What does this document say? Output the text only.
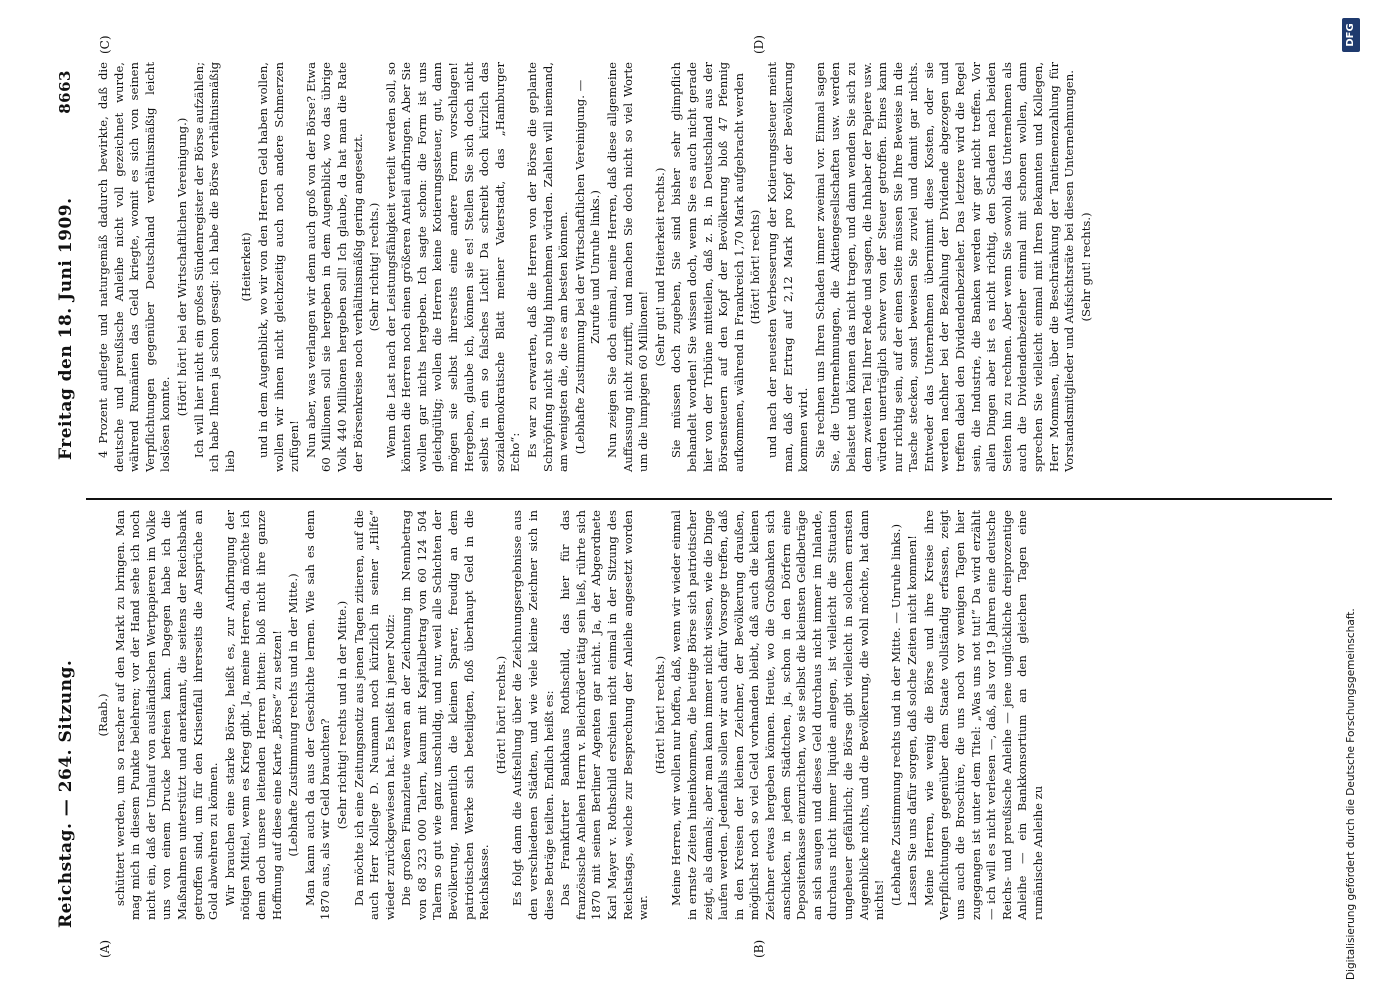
Reichstag. — 264. Sitzung.
Freitag den 18. Juni 1909.
8663
(A)	(B)
(C)	(D)

(Raab.) schüttert werden, um so rascher auf den Markt zu bringen. Man mag mich in diesem Punkte belehren; vor der Hand sehe ich noch nicht ein, daß der Umlauf von ausländischen Wertpapieren im Volke uns von einem Drucke befreien kann. Dagegen habe ich die Maßnahmen unterstützt und anerkannt, die seitens der Reichsbank getroffen sind, um für den Krisenfall ihrerseits die Ansprüche an Gold abwehren zu können. Wir brauchen eine starke Börse, heißt es, zur Aufbringung der nötigen Mittel, wenn es Krieg gibt. Ja, meine Herren, da möchte ich denn doch unsere leitenden Herren bitten: bloß nicht ihre ganze Hoffnung auf diese eine Karte „Börse“ zu setzen! (Lebhafte Zustimmung rechts und in der Mitte.) Man kann auch da aus der Geschichte lernen. Wie sah es denn 1870 aus, als wir Geld brauchten? (Sehr richtig! rechts und in der Mitte.) Da möchte ich eine Zeitungsnotiz aus jenen Tagen zitieren, auf die auch Herr Kollege D. Naumann noch kürzlich in seiner „Hilfe“ wieder zurückgewiesen hat. Es heißt in jener Notiz: Die großen Finanzleute waren an der Zeichnung im Nennbetrag von 68 323 000 Talern, kaum mit Kapitalbetrag von 60 124 504 Talern so gut wie ganz unschuldig, und nur, weil alle Schichten der Bevölkerung, namentlich die kleinen Sparer, freudig an dem patriotischen Werke sich beteiligten, floß überhaupt Geld in die Reichskasse.

(Hört! hört! rechts.) Es folgt dann die Aufstellung über die Zeichnungsergebnisse aus den verschiedenen Städten, und wie viele kleine Zeichner sich in diese Beträge teilten. Endlich heißt es: Das Frankfurter Bankhaus Rothschild, das hier für das französische Anlehen Herrn v. Bleichröder tätig sein ließ, rührte sich 1870 mit seinen Berliner Agenten gar nicht. Ja, der Abgeordnete Karl Mayer v. Rothschild erschien nicht einmal in der Sitzung des Reichstags, welche zur Besprechung der Anleihe angesetzt worden war.

(Hört! hört! rechts.) Meine Herren, wir wollen nur hoffen, daß, wenn wir wieder einmal in ernste Zeiten hineinkommen, die heutige Börse sich patriotischer zeigt, als damals; aber man kann immer nicht wissen, wie die Dinge laufen werden. Jedenfalls sollen wir auch dafür Vorsorge treffen, daß in den Kreisen der kleinen Zeichner, der Bevölkerung draußen, möglichst noch so viel Geld vorhanden bleibt, daß auch die kleinen Zeichner etwas hergeben können. Heute, wo die Großbanken sich anschicken, in jedem Städtchen, ja, schon in den Dörfern eine Depositenkasse einzurichten, wo sie selbst die kleinsten Geldbeträge an sich saugen und dieses Geld durchaus nicht immer im Inlande, durchaus nicht immer liquide anlegen, ist vielleicht die Situation ungeheuer gefährlich; die Börse gibt vielleicht in solchem ernsten Augenblicke nichts, und die Bevölkerung, die wohl möchte, hat dann nichts! (Lebhafte Zustimmung rechts und in der Mitte. — Unruhe links.) Lassen Sie uns dafür sorgen, daß solche Zeiten nicht kommen! Meine Herren, wie wenig die Börse und ihre Kreise ihre Verpflichtungen gegenüber dem Staate vollständig erfassen, zeigt uns auch die Broschüre, die uns noch vor wenigen Tagen hier zugegangen ist unter dem Titel: „Was uns not tut!“ Da wird erzählt — ich will es nicht verlesen —, daß, als vor 19 Jahren eine deutsche Reichs- und preußische Anleihe — jene unglückliche dreiprozentige Anleihe — ein Bankkonsortium an den gleichen Tagen eine rumänische Anleihe zu

4 Prozent auflegte und naturgemäß dadurch bewirkte, daß die deutsche und preußische Anleihe nicht voll gezeichnet wurde, während Rumänien das Geld kriegte, womit es sich von seinen Verpflichtungen gegenüber Deutschland verhältnismäßig leicht loslösen konnte.

(Hört! hört! bei der Wirtschaftlichen Vereinigung.) Ich will hier nicht ein großes Sündenregister der Börse aufzählen; ich habe Ihnen ja schon gesagt: ich habe die Börse verhältnismäßig lieb

(Heiterkeit) und in dem Augenblick, wo wir von den Herren Geld haben wollen, wollen wir ihnen nicht gleichzeitig auch noch andere Schmerzen zufügen! Nun aber, was verlangen wir denn auch groß von der Börse? Etwa 60 Millionen soll sie hergeben in dem Augenblick, wo das übrige Volk 440 Millionen hergeben soll! Ich glaube, da hat man die Rate der Börsenkreise noch verhältnismäßig gering angesetzt. (Sehr richtig! rechts.) Wenn die Last nach der Leistungsfähigkeit verteilt werden soll, so könnten die Herren noch einen größeren Anteil aufbringen. Aber Sie wollen gar nichts hergeben. Ich sagte schon: die Form ist uns gleichgültig; wollen die Herren keine Kotierungssteuer, gut, dann mögen sie selbst ihrerseits eine andere Form vorschlagen! Hergeben, glaube ich, können sie es! Stellen Sie sich doch nicht selbst in ein so falsches Licht! Da schreibt doch kürzlich das sozialdemokratische Blatt meiner Vaterstadt, das „Hamburger Echo“: Es war zu erwarten, daß die Herren von der Börse die geplante Schröpfung nicht so ruhig hinnehmen würden. Zahlen will niemand, am wenigsten die, die es am besten können. (Lebhafte Zustimmung bei der Wirtschaftlichen Vereinigung. — Zurufe und Unruhe links.) Nun zeigen Sie doch einmal, meine Herren, daß diese allgemeine Auffassung nicht zutrifft, und machen Sie doch nicht so viel Worte um die lumpigen 60 Millionen!

(Sehr gut! und Heiterkeit rechts.) Sie müssen doch zugeben, Sie sind bisher sehr glimpflich behandelt worden! Sie wissen doch, wenn Sie es auch nicht gerade hier von der Tribüne mitteilen, daß z. B. in Deutschland aus der Börsensteuern auf den Kopf der Bevölkerung bloß 47 Pfennig aufkommen, während in Frankreich 1,70 Mark aufgebracht werden (Hört! hört! rechts) und nach der neuesten Verbesserung der Kotierungssteuer meint man, daß der Ertrag auf 2,12 Mark pro Kopf der Bevölkerung kommen wird. Sie rechnen uns Ihren Schaden immer zweimal vor. Einmal sagen Sie, die Unternehmungen, die Aktiengesellschaften usw. werden belastet und können das nicht tragen, und dann wenden Sie sich zu dem zweiten Teil Ihrer Rede und sagen, die Inhaber der Papiere usw. würden unerträglich schwer von der Steuer getroffen. Eines kann nur richtig sein, auf der einen Seite müssen Sie Ihre Beweise in die Tasche stecken, sonst beweisen Sie zuviel und damit gar nichts. Entweder das Unternehmen übernimmt diese Kosten, oder sie werden nachher bei der Bezahlung der Dividende abgezogen und treffen dabei den Dividendenbezieher. Das letztere wird die Regel sein, die Industrie, die Banken werden wir gar nicht treffen. Vor allen Dingen aber ist es nicht richtig, den Schaden nach beiden Seiten hin zu rechnen. Aber wenn Sie sowohl das Unternehmen als auch die Dividendenbezieher einmal mit schonen wollen, dann sprechen Sie vielleicht einmal mit Ihren Bekannten und Kollegen, Herr Mommsen, über die Beschränkung der Tantiemenzahlung für Vorstandsmitglieder und Aufsichtsräte bei diesen Unternehmungen. (Sehr gut! rechts.)

Digitalisierung gefördert durch die Deutsche Forschungsgemeinschaft.
DFG
